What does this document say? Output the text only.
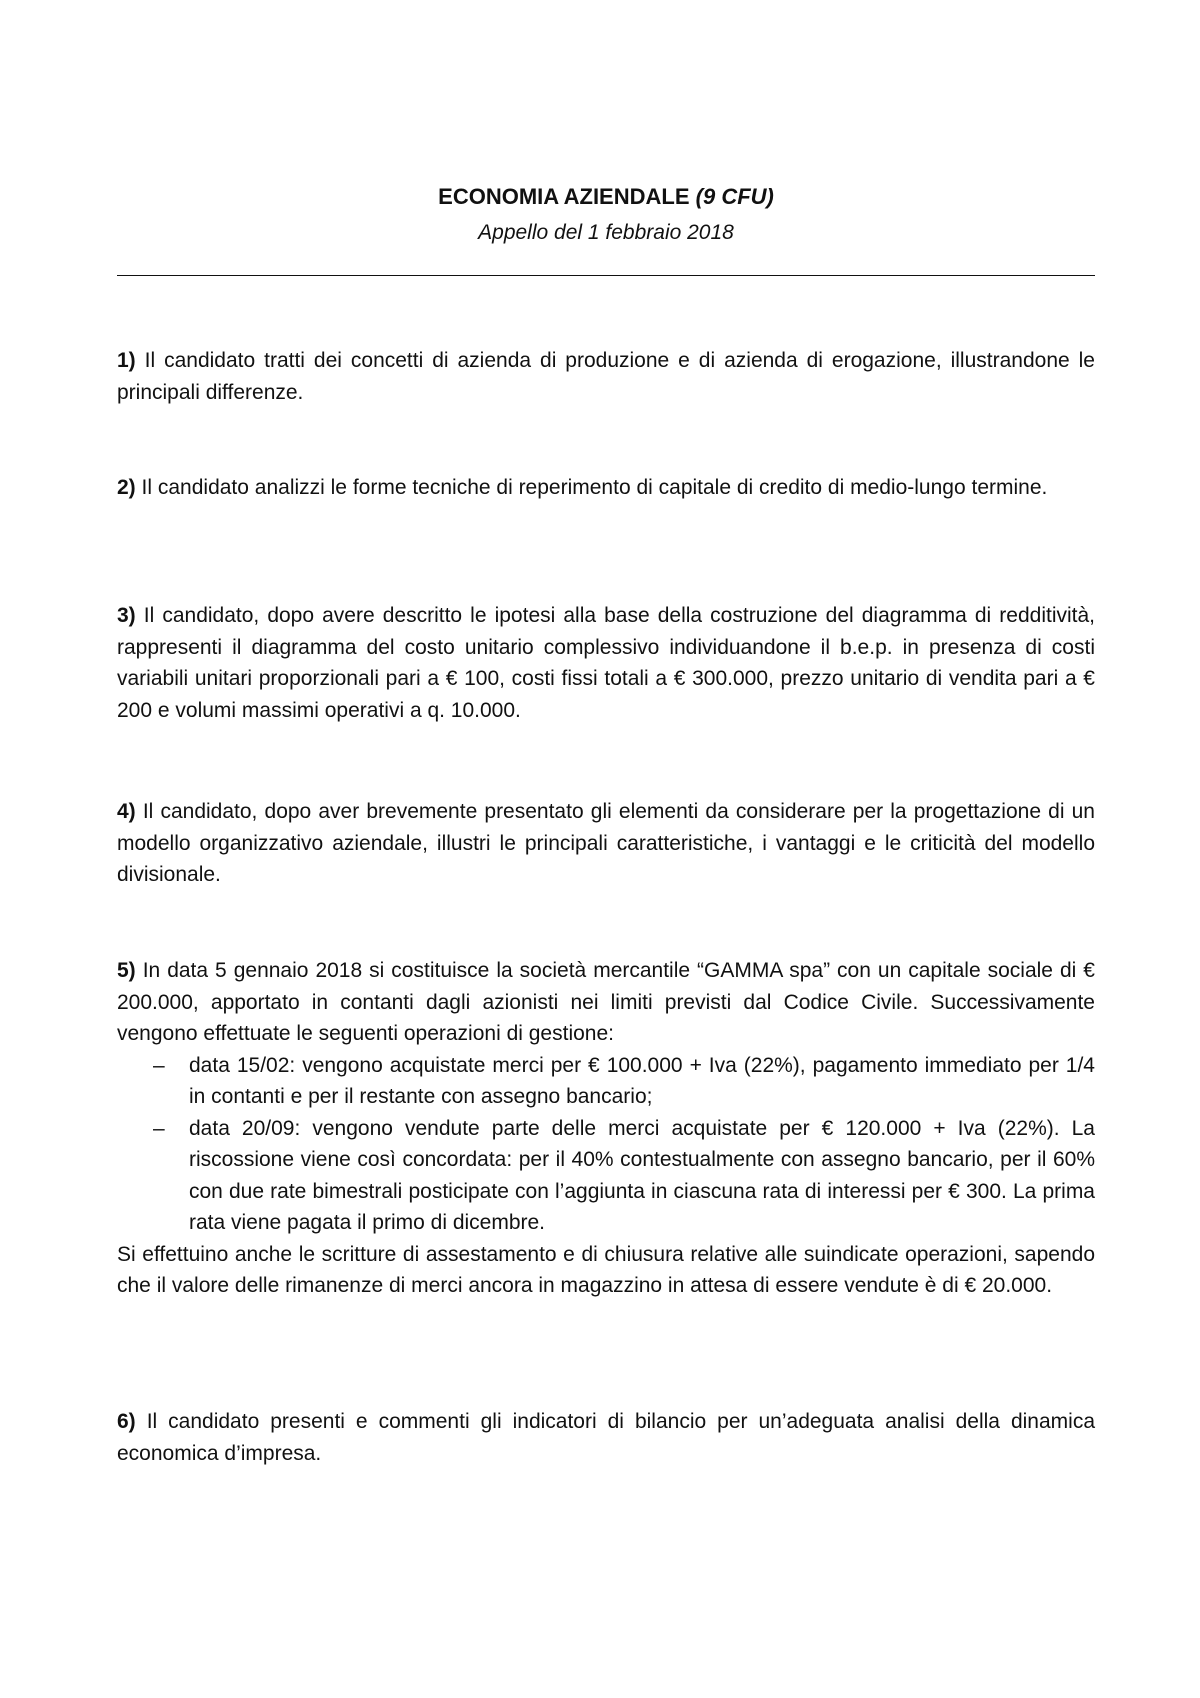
ECONOMIA AZIENDALE (9 CFU)
Appello del 1 febbraio 2018
1) Il candidato tratti dei concetti di azienda di produzione e di azienda di erogazione, illustrandone le principali differenze.
2) Il candidato analizzi le forme tecniche di reperimento di capitale di credito di medio-lungo termine.
3) Il candidato, dopo avere descritto le ipotesi alla base della costruzione del diagramma di redditività, rappresenti il diagramma del costo unitario complessivo individuandone il b.e.p. in presenza di costi variabili unitari proporzionali pari a € 100, costi fissi totali a € 300.000, prezzo unitario di vendita pari a € 200 e volumi massimi operativi a q. 10.000.
4) Il candidato, dopo aver brevemente presentato gli elementi da considerare per la progettazione di un modello organizzativo aziendale, illustri le principali caratteristiche, i vantaggi e le criticità del modello divisionale.
5) In data 5 gennaio 2018 si costituisce la società mercantile “GAMMA spa” con un capitale sociale di € 200.000, apportato in contanti dagli azionisti nei limiti previsti dal Codice Civile. Successivamente vengono effettuate le seguenti operazioni di gestione:
– data 15/02: vengono acquistate merci per € 100.000 + Iva (22%), pagamento immediato per 1/4 in contanti e per il restante con assegno bancario;
– data 20/09: vengono vendute parte delle merci acquistate per € 120.000 + Iva (22%). La riscossione viene così concordata: per il 40% contestualmente con assegno bancario, per il 60% con due rate bimestrali posticipate con l’aggiunta in ciascuna rata di interessi per € 300. La prima rata viene pagata il primo di dicembre.
Si effettuino anche le scritture di assestamento e di chiusura relative alle suindicate operazioni, sapendo che il valore delle rimanenze di merci ancora in magazzino in attesa di essere vendute è di € 20.000.
6) Il candidato presenti e commenti gli indicatori di bilancio per un’adeguata analisi della dinamica economica d’impresa.
